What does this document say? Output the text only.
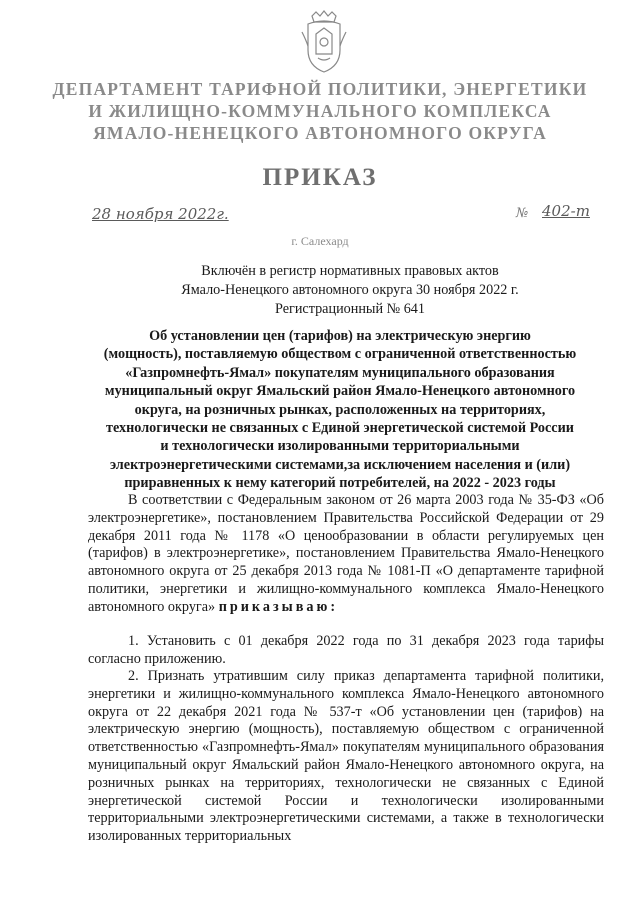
ДЕПАРТАМЕНТ ТАРИФНОЙ ПОЛИТИКИ, ЭНЕРГЕТИКИ
И ЖИЛИЩНО-КОММУНАЛЬНОГО КОМПЛЕКСА
ЯМАЛО-НЕНЕЦКОГО АВТОНОМНОГО ОКРУГА
ПРИКАЗ
28 ноября 2022г.	№ 402-т
г. Салехард
Включён в регистр нормативных правовых актов
Ямало-Ненецкого автономного округа 30 ноября 2022 г.
Регистрационный № 641
Об установлении цен (тарифов) на электрическую энергию
(мощность), поставляемую обществом с ограниченной ответственностью
«Газпромнефть-Ямал» покупателям муниципального образования
муниципальный округ Ямальский район Ямало-Ненецкого автономного
округа, на розничных рынках, расположенных на территориях,
технологически не связанных с Единой энергетической системой России
и технологически изолированными территориальными
электроэнергетическими системами,за исключением населения и (или)
приравненных к нему категорий потребителей, на 2022 - 2023 годы
В соответствии с Федеральным законом от 26 марта 2003 года № 35-ФЗ «Об электроэнергетике», постановлением Правительства Российской Федерации от 29 декабря 2011 года № 1178 «О ценообразовании в области регулируемых цен (тарифов) в электроэнергетике», постановлением Правительства Ямало-Ненецкого автономного округа от 25 декабря 2013 года № 1081-П «О департаменте тарифной политики, энергетики и жилищно-коммунального комплекса Ямало-Ненецкого автономного округа» приказываю:
1. Установить с 01 декабря 2022 года по 31 декабря 2023 года тарифы согласно приложению.
2. Признать утратившим силу приказ департамента тарифной политики, энергетики и жилищно-коммунального комплекса Ямало-Ненецкого автономного округа от 22 декабря 2021 года № 537-т «Об установлении цен (тарифов) на электрическую энергию (мощность), поставляемую обществом с ограниченной ответственностью «Газпромнефть-Ямал» покупателям муниципального образования муниципальный округ Ямальский район Ямало-Ненецкого автономного округа, на розничных рынках на территориях, технологически не связанных с Единой энергетической системой России и технологически изолированными территориальными электроэнергетическими системами, а также в технологически изолированных территориальных
